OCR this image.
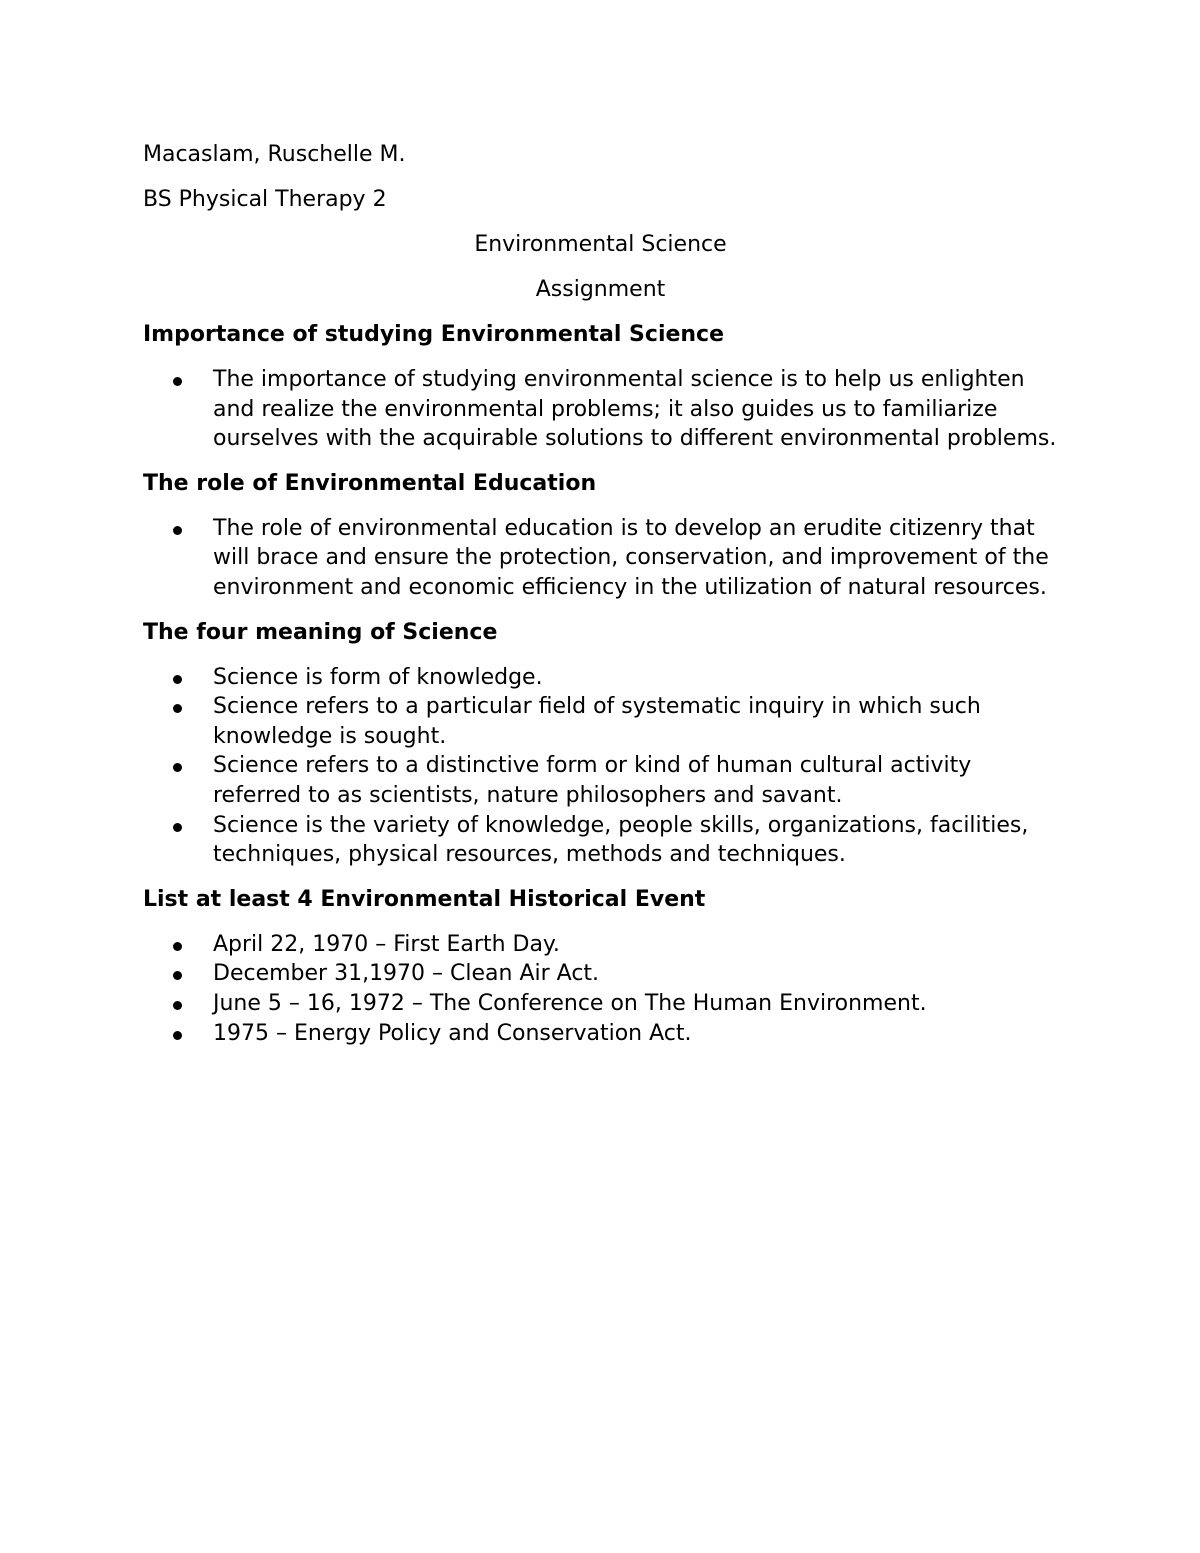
Macaslam, Ruschelle M.

BS Physical Therapy 2

Environmental Science

Assignment

Importance of studying Environmental Science
The importance of studying environmental science is to help us enlighten and realize the environmental problems; it also guides us to familiarize ourselves with the acquirable solutions to different environmental problems.
The role of Environmental Education
The role of environmental education is to develop an erudite citizenry that will brace and ensure the protection, conservation, and improvement of the environment and economic efficiency in the utilization of natural resources.
The four meaning of Science
Science is form of knowledge.
Science refers to a particular field of systematic inquiry in which such knowledge is sought.
Science refers to a distinctive form or kind of human cultural activity referred to as scientists, nature philosophers and savant.
Science is the variety of knowledge, people skills, organizations, facilities, techniques, physical resources, methods and techniques.
List at least 4 Environmental Historical Event
April 22, 1970 – First Earth Day.
December 31,1970 – Clean Air Act.
June 5 – 16, 1972 – The Conference on The Human Environment.
1975 – Energy Policy and Conservation Act.
